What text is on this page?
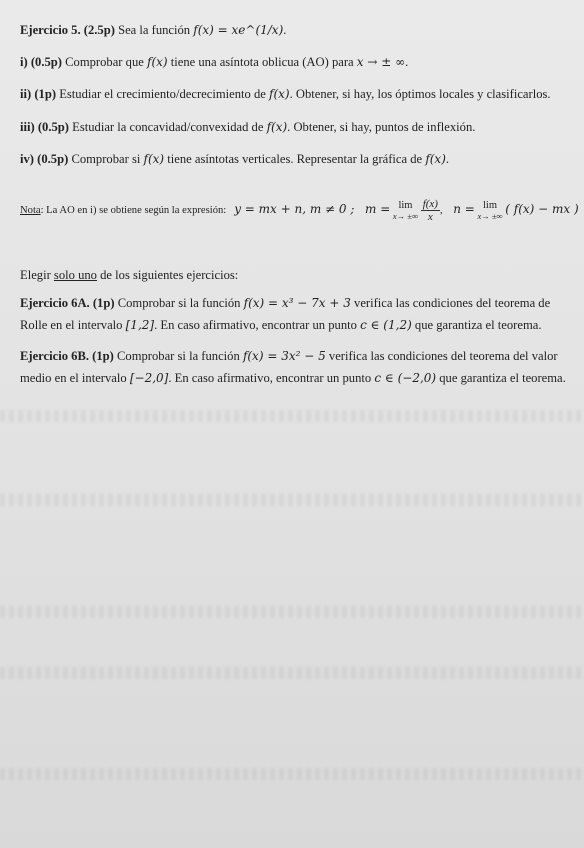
Ejercicio 5. (2.5p) Sea la función f(x) = xe^(1/x).
i) (0.5p) Comprobar que f(x) tiene una asíntota oblicua (AO) para x → ± ∞.
ii) (1p) Estudiar el crecimiento/decrecimiento de f(x). Obtener, si hay, los óptimos locales y clasificarlos.
iii) (0.5p) Estudiar la concavidad/convexidad de f(x). Obtener, si hay, puntos de inflexión.
iv) (0.5p) Comprobar si f(x) tiene asíntotas verticales. Representar la gráfica de f(x).
Nota: La AO en i) se obtiene según la expresión: y = mx + n, m ≠ 0 ; m = lim
x→ ±∞
$\frac{f(x)}{x}$ , n = lim
x→ ±∞ ( f(x) − mx )
Elegir solo uno de los siguientes ejercicios:
Ejercicio 6A. (1p) Comprobar si la función f(x) = x³ − 7x + 3 verifica las condiciones del teorema de
Rolle en el intervalo [1,2]. En caso afirmativo, encontrar un punto c ∈ (1,2) que garantiza el teorema.
Ejercicio 6B. (1p) Comprobar si la función f(x) = 3x² − 5 verifica las condiciones del teorema del valor
medio en el intervalo [−2,0]. En caso afirmativo, encontrar un punto c ∈ (−2,0) que garantiza el teorema.
